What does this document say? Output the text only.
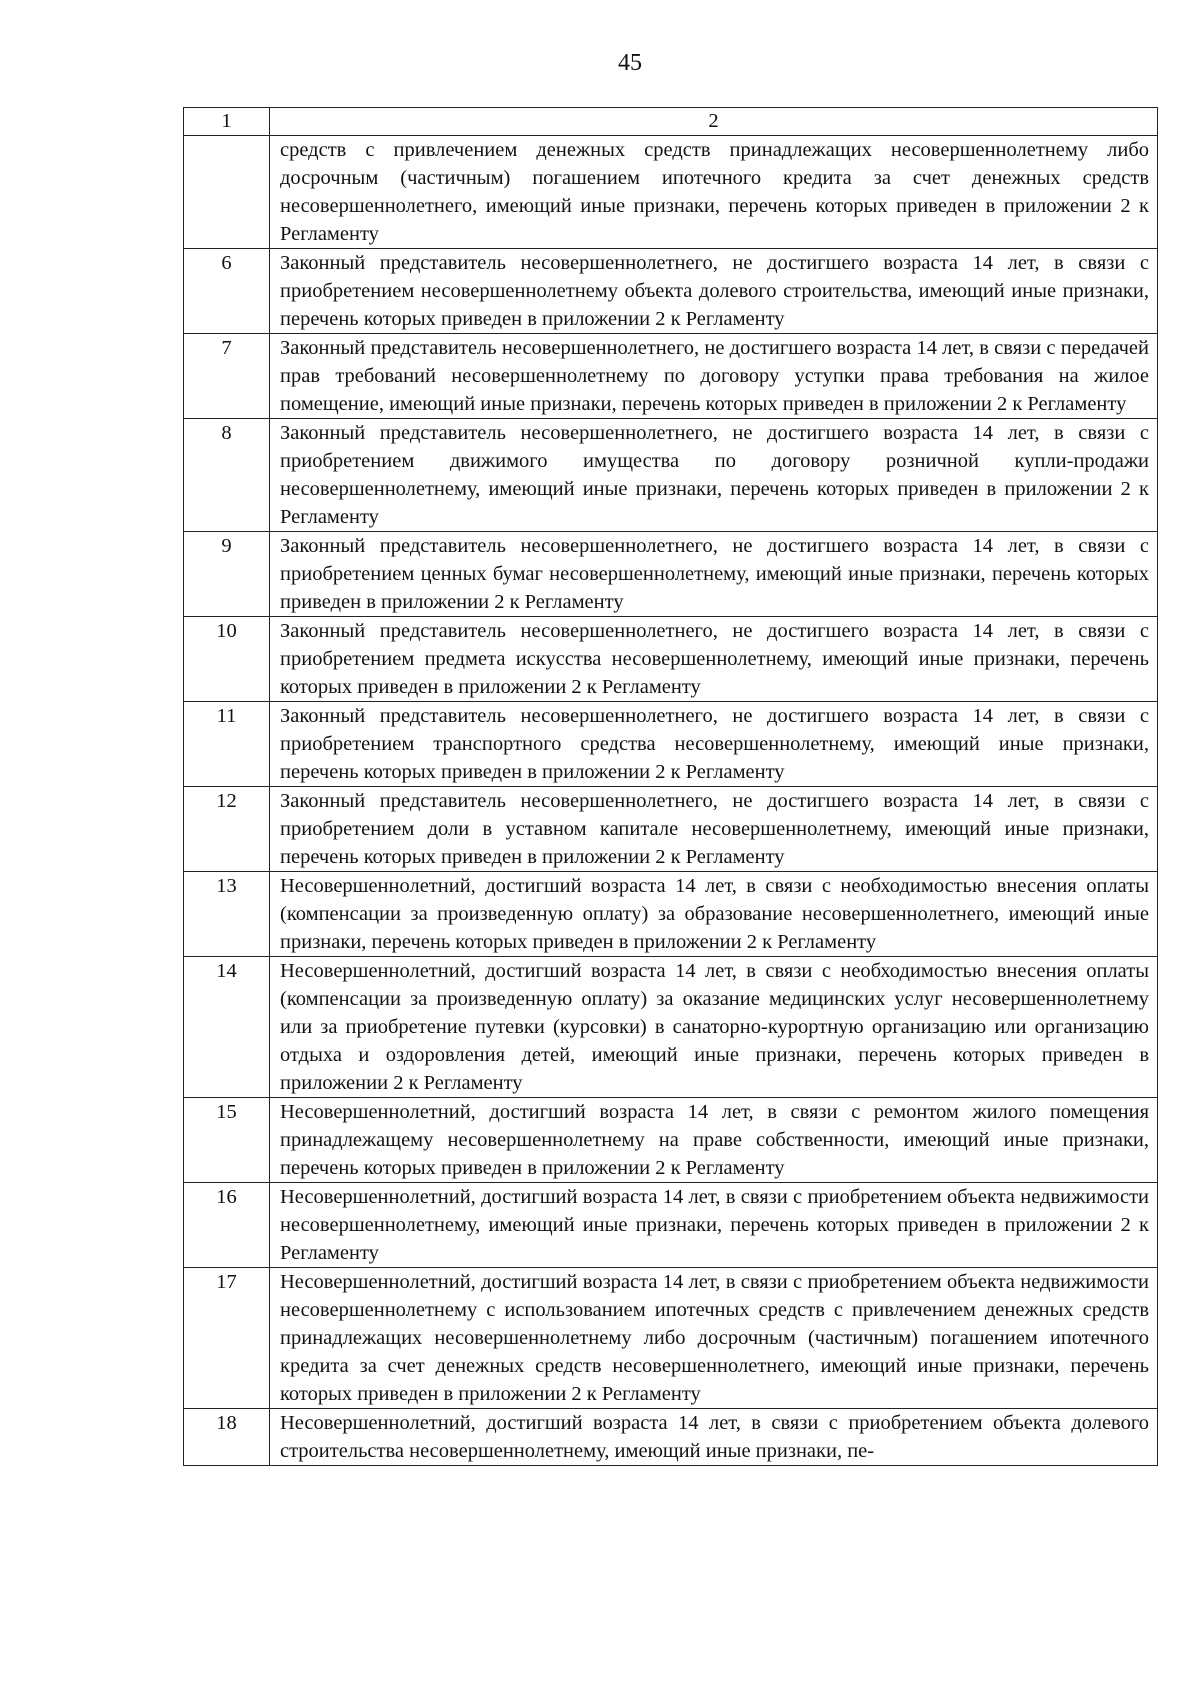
45
1	2
	средств с привлечением денежных средств принадлежащих несовершеннолетнему либо досрочным (частичным) погашением ипотечного кредита за счет денежных средств несовершеннолетнего, имеющий иные признаки, перечень которых приведен в приложении 2 к Регламенту
6	Законный представитель несовершеннолетнего, не достигшего возраста 14 лет, в связи с приобретением несовершеннолетнему объекта долевого строительства, имеющий иные признаки, перечень которых приведен в приложении 2 к Регламенту
7	Законный представитель несовершеннолетнего, не достигшего возраста 14 лет, в связи с передачей прав требований несовершеннолетнему по договору уступки права требования на жилое помещение, имеющий иные признаки, перечень которых приведен в приложении 2 к Регламенту
8	Законный представитель несовершеннолетнего, не достигшего возраста 14 лет, в связи с приобретением движимого имущества по договору розничной купли-продажи несовершеннолетнему, имеющий иные признаки, перечень которых приведен в приложении 2 к Регламенту
9	Законный представитель несовершеннолетнего, не достигшего возраста 14 лет, в связи с приобретением ценных бумаг несовершеннолетнему, имеющий иные признаки, перечень которых приведен в приложении 2 к Регламенту
10	Законный представитель несовершеннолетнего, не достигшего возраста 14 лет, в связи с приобретением предмета искусства несовершеннолетнему, имеющий иные признаки, перечень которых приведен в приложении 2 к Регламенту
11	Законный представитель несовершеннолетнего, не достигшего возраста 14 лет, в связи с приобретением транспортного средства несовершеннолетнему, имеющий иные признаки, перечень которых приведен в приложении 2 к Регламенту
12	Законный представитель несовершеннолетнего, не достигшего возраста 14 лет, в связи с приобретением доли в уставном капитале несовершеннолетнему, имеющий иные признаки, перечень которых приведен в приложении 2 к Регламенту
13	Несовершеннолетний, достигший возраста 14 лет, в связи с необходимостью внесения оплаты (компенсации за произведенную оплату) за образование несовершеннолетнего, имеющий иные признаки, перечень которых приведен в приложении 2 к Регламенту
14	Несовершеннолетний, достигший возраста 14 лет, в связи с необходимостью внесения оплаты (компенсации за произведенную оплату) за оказание медицинских услуг несовершеннолетнему или за приобретение путевки (курсовки) в санаторно-курортную организацию или организацию отдыха и оздоровления детей, имеющий иные признаки, перечень которых приведен в приложении 2 к Регламенту
15	Несовершеннолетний, достигший возраста 14 лет, в связи с ремонтом жилого помещения принадлежащему несовершеннолетнему на праве собственности, имеющий иные признаки, перечень которых приведен в приложении 2 к Регламенту
16	Несовершеннолетний, достигший возраста 14 лет, в связи с приобретением объекта недвижимости несовершеннолетнему, имеющий иные признаки, перечень которых приведен в приложении 2 к Регламенту
17	Несовершеннолетний, достигший возраста 14 лет, в связи с приобретением объекта недвижимости несовершеннолетнему с использованием ипотечных средств с привлечением денежных средств принадлежащих несовершеннолетнему либо досрочным (частичным) погашением ипотечного кредита за счет денежных средств несовершеннолетнего, имеющий иные признаки, перечень которых приведен в приложении 2 к Регламенту
18	Несовершеннолетний, достигший возраста 14 лет, в связи с приобретением объекта долевого строительства несовершеннолетнему, имеющий иные признаки, пе-
